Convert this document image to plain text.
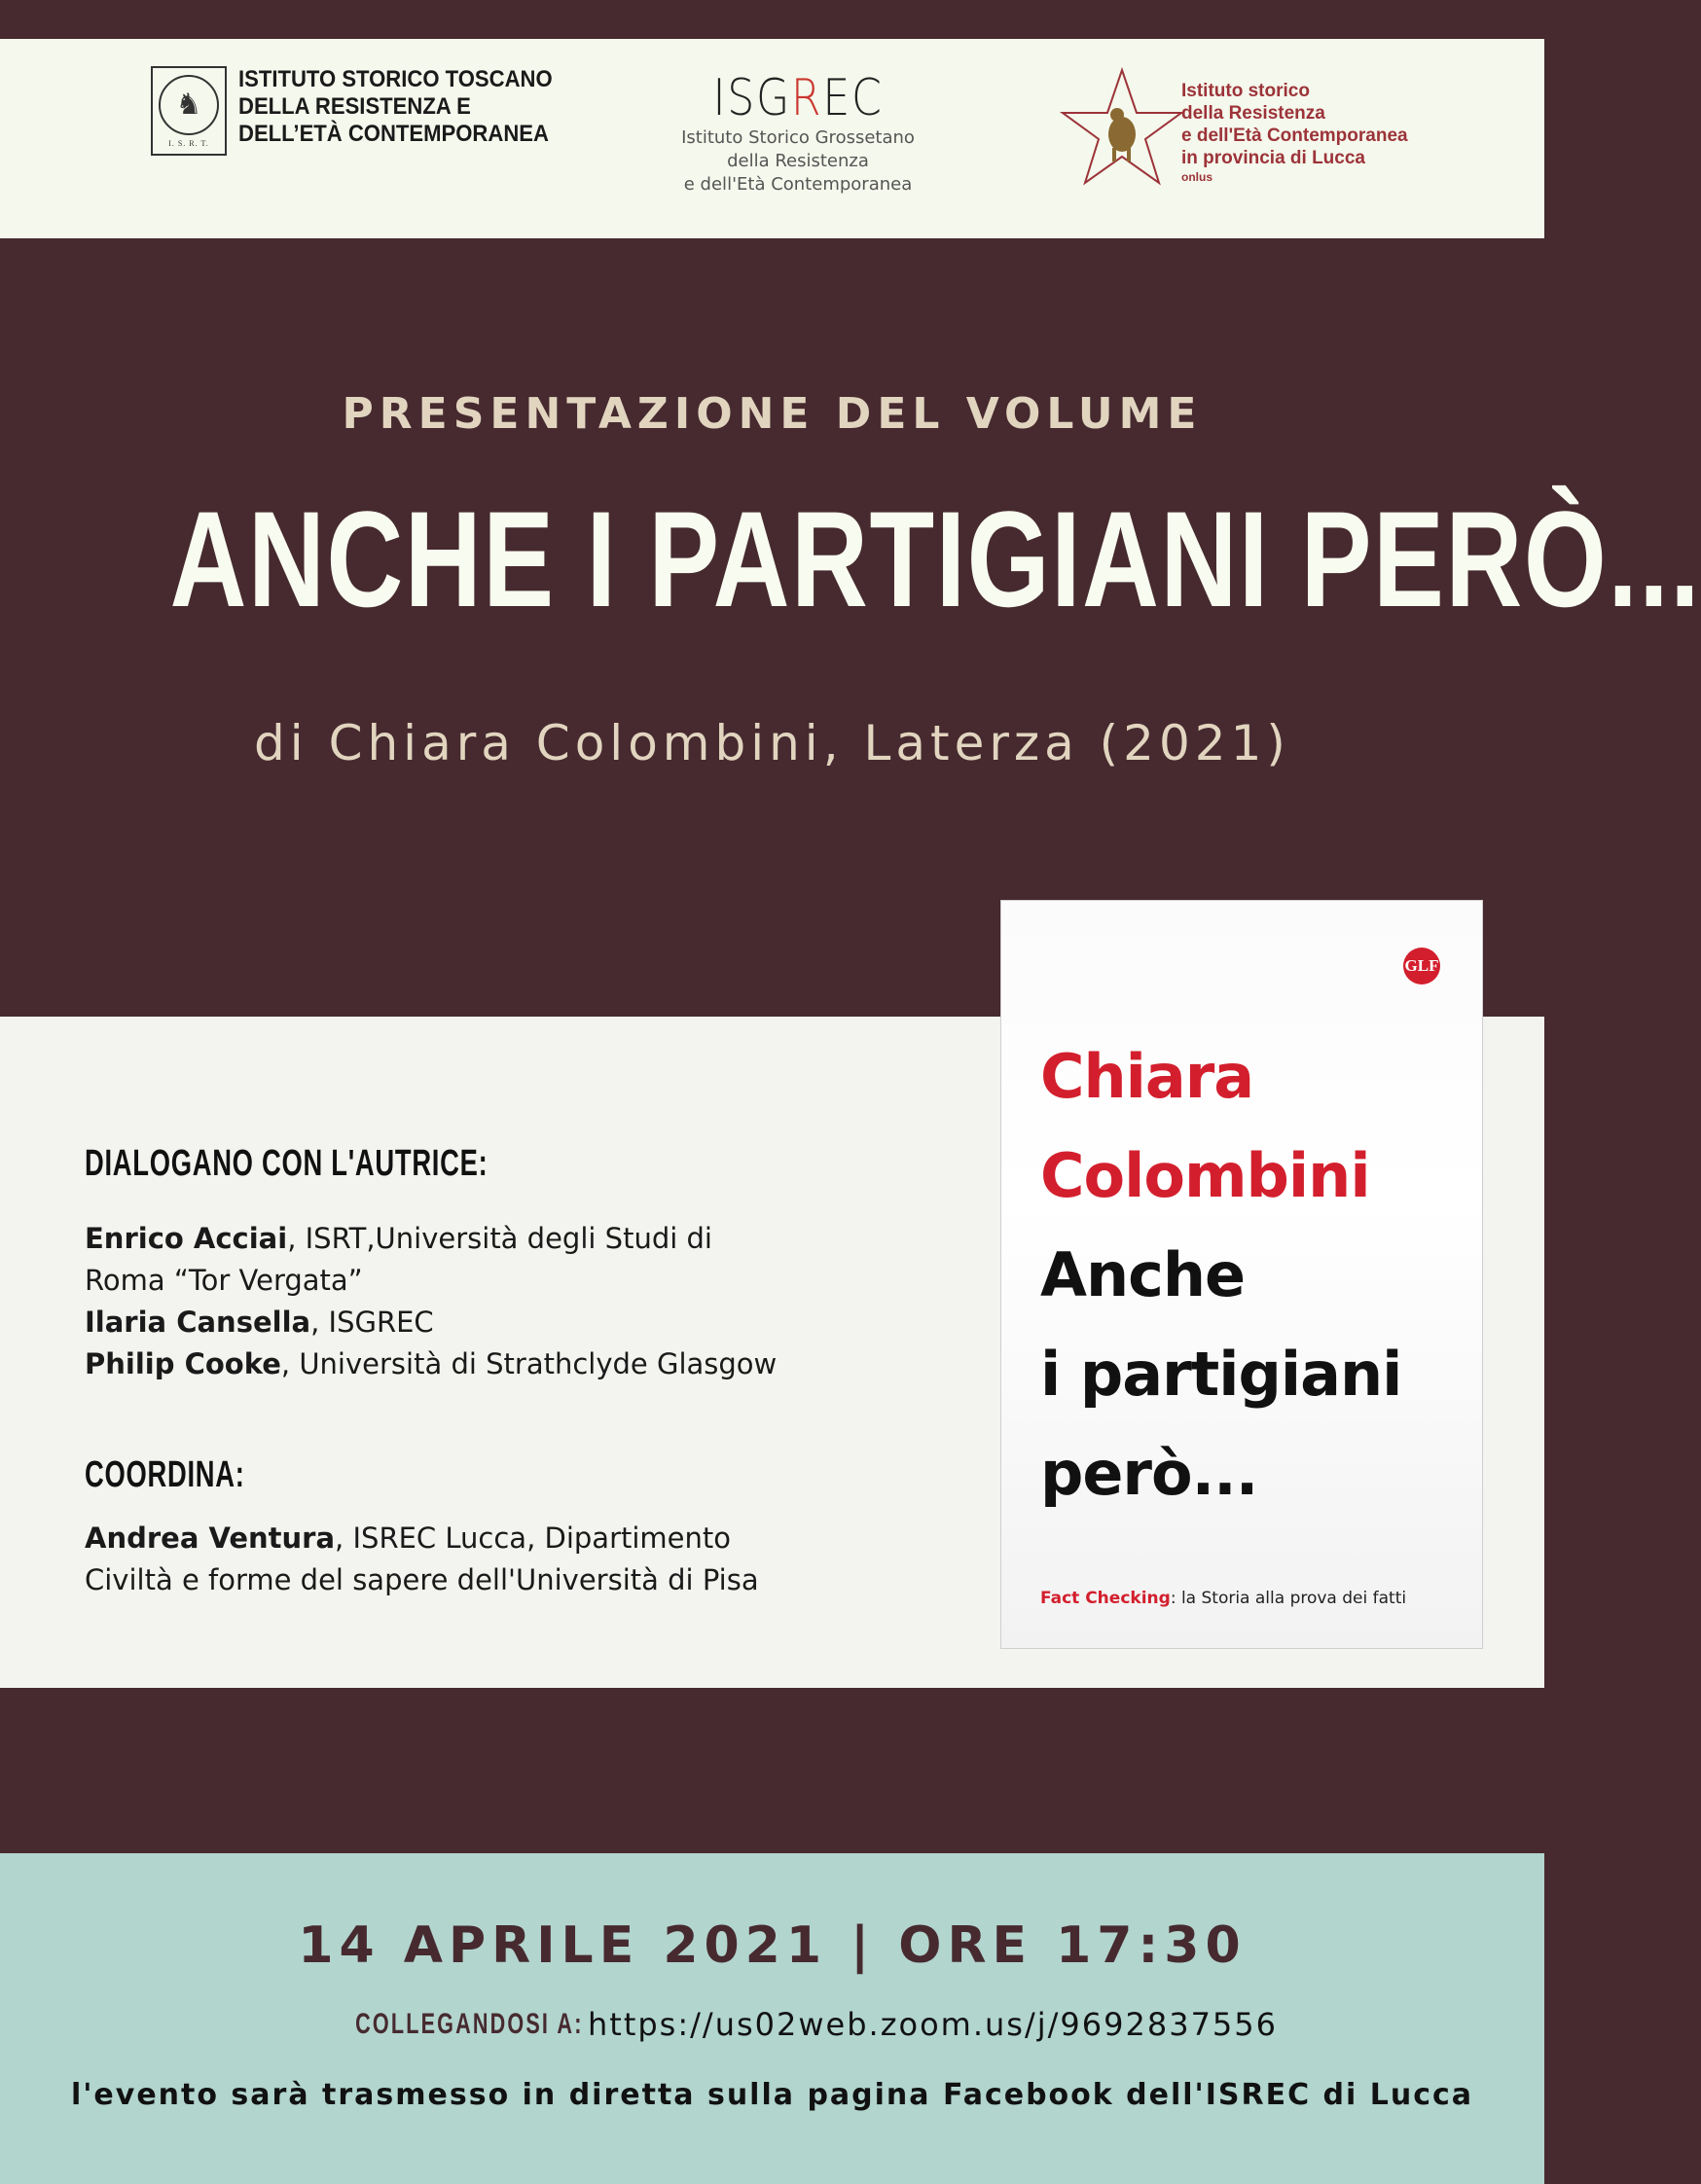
♞
I. S. R. T.
ISTITUTO STORICO TOSCANO
DELLA RESISTENZA E
DELL’ETÀ CONTEMPORANEA
ISGREC
Istituto Storico Grossetano
della Resistenza
e dell'Età Contemporanea
Istituto storico
della Resistenza
e dell'Età Contemporanea
in provincia di Lucca
onlus
PRESENTAZIONE DEL VOLUME
ANCHE I PARTIGIANI PERÒ...
di Chiara Colombini, Laterza (2021)
DIALOGANO CON L'AUTRICE:
Enrico Acciai, ISRT,Università degli Studi di Roma “Tor Vergata”
Ilaria Cansella, ISGREC
Philip Cooke, Università di Strathclyde Glasgow
COORDINA:
Andrea Ventura, ISREC Lucca, Dipartimento Civiltà e forme del sapere dell'Università di Pisa
GLF
Chiara
Colombini
Anche
i partigiani
però...
Fact Checking: la Storia alla prova dei fatti
14 APRILE 2021 | ORE 17:30
COLLEGANDOSI A: https://us02web.zoom.us/j/9692837556
l'evento sarà trasmesso in diretta sulla pagina Facebook dell'ISREC di Lucca
